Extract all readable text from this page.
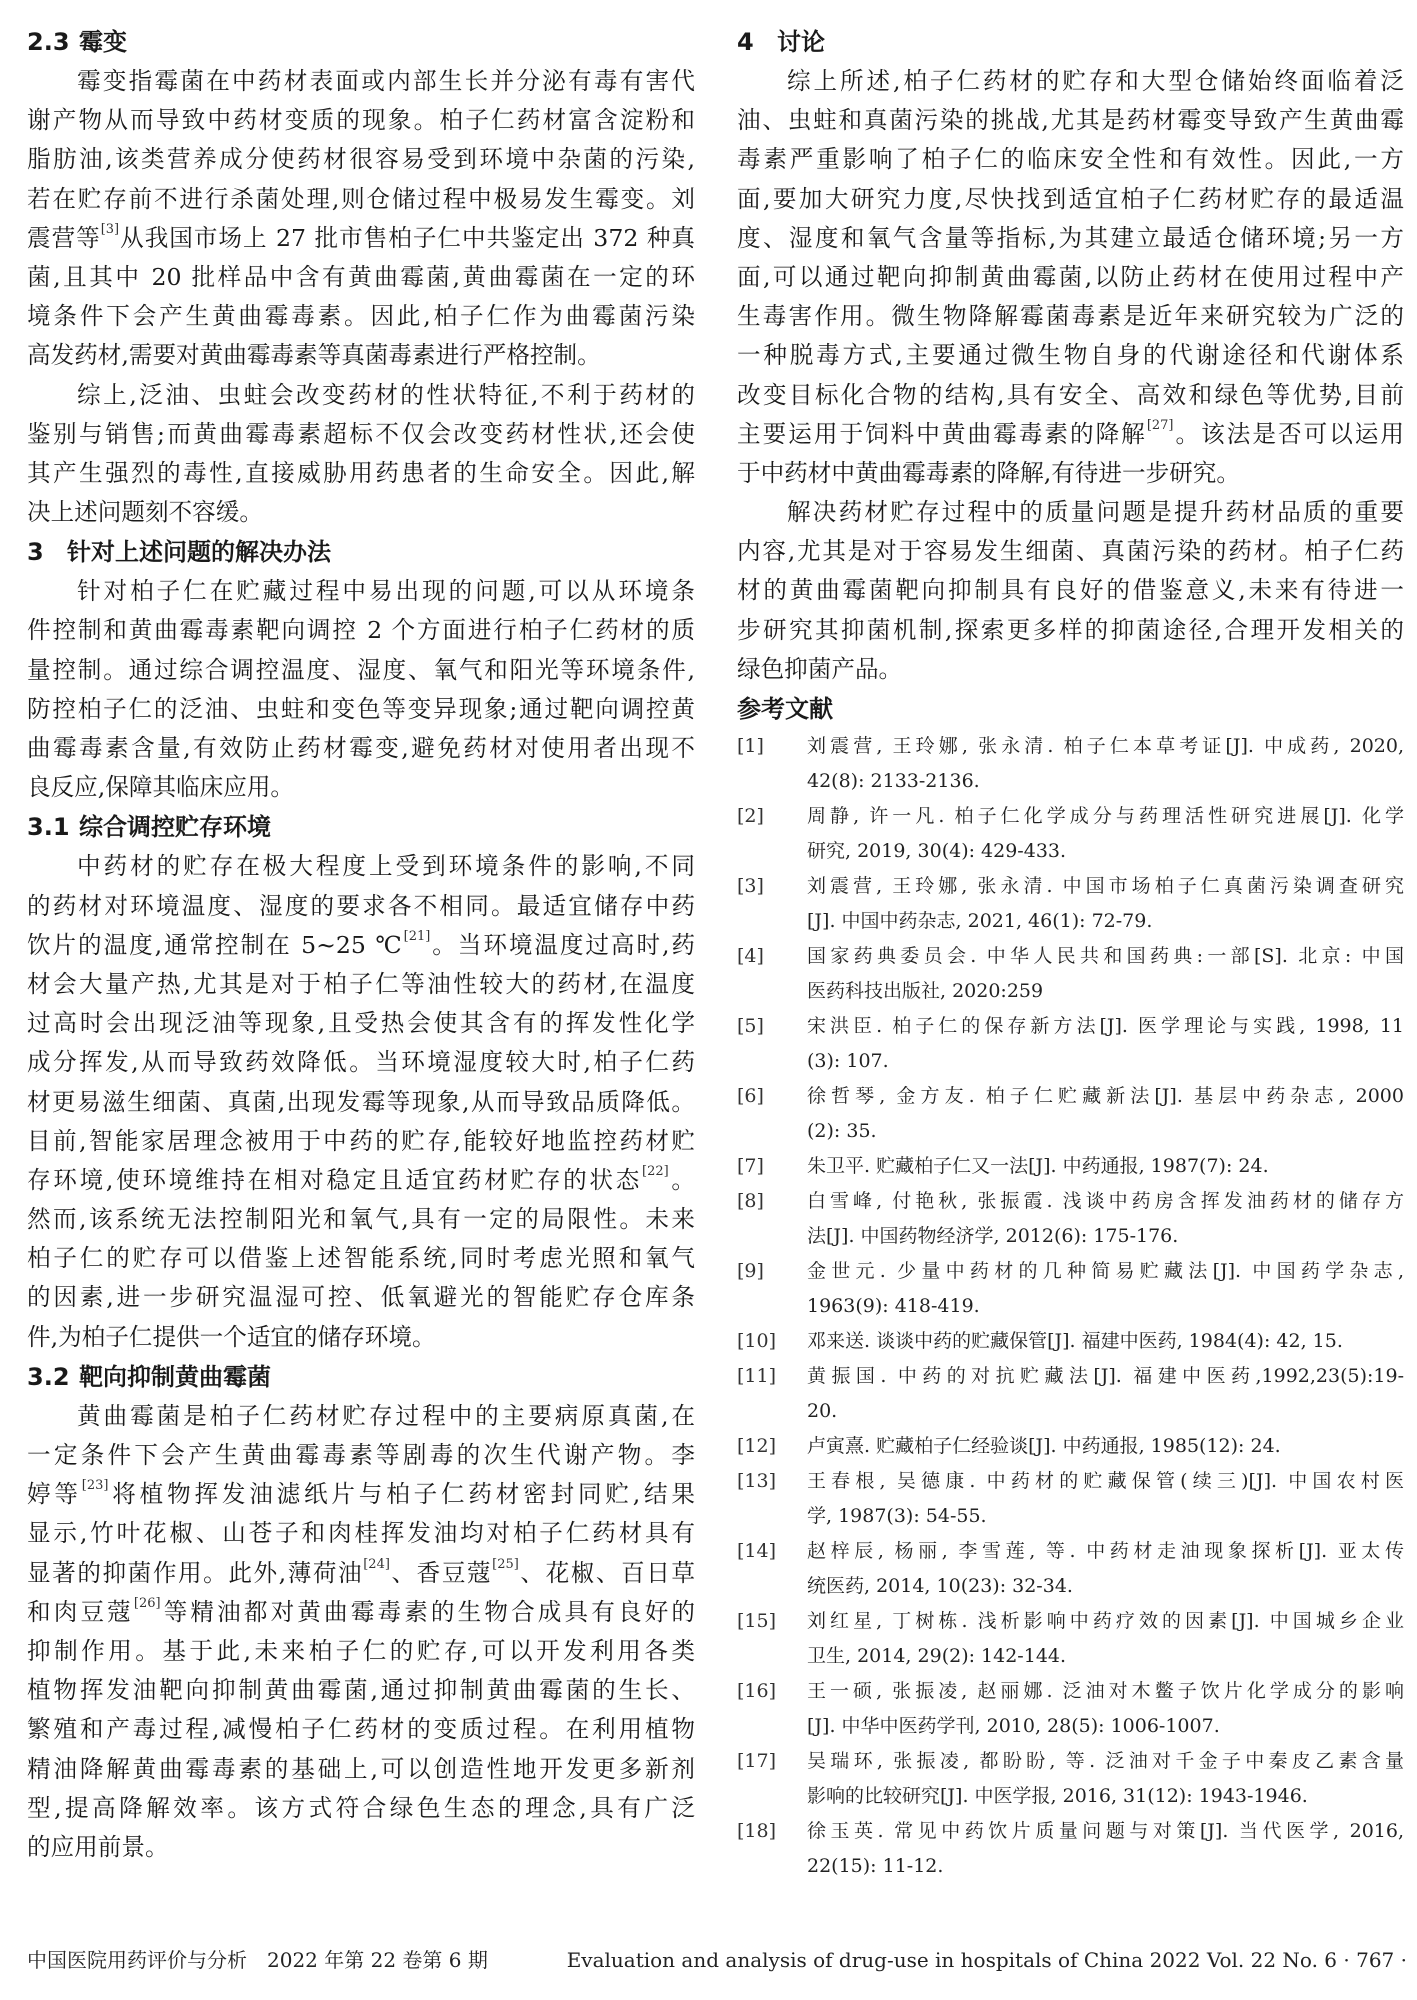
2.3 霉变
霉变指霉菌在中药材表面或内部生长并分泌有毒有害代
谢产物从而导致中药材变质的现象。柏子仁药材富含淀粉和
脂肪油,该类营养成分使药材很容易受到环境中杂菌的污染,
若在贮存前不进行杀菌处理,则仓储过程中极易发生霉变。刘
震营等[3]从我国市场上 27 批市售柏子仁中共鉴定出 372 种真
菌,且其中 20 批样品中含有黄曲霉菌,黄曲霉菌在一定的环
境条件下会产生黄曲霉毒素。因此,柏子仁作为曲霉菌污染
高发药材,需要对黄曲霉毒素等真菌毒素进行严格控制。
综上,泛油、虫蛀会改变药材的性状特征,不利于药材的
鉴别与销售;而黄曲霉毒素超标不仅会改变药材性状,还会使
其产生强烈的毒性,直接威胁用药患者的生命安全。因此,解
决上述问题刻不容缓。
3 针对上述问题的解决办法
针对柏子仁在贮藏过程中易出现的问题,可以从环境条
件控制和黄曲霉毒素靶向调控 2 个方面进行柏子仁药材的质
量控制。通过综合调控温度、湿度、氧气和阳光等环境条件,
防控柏子仁的泛油、虫蛀和变色等变异现象;通过靶向调控黄
曲霉毒素含量,有效防止药材霉变,避免药材对使用者出现不
良反应,保障其临床应用。
3.1 综合调控贮存环境
中药材的贮存在极大程度上受到环境条件的影响,不同
的药材对环境温度、湿度的要求各不相同。最适宜储存中药
饮片的温度,通常控制在 5~25 ℃[21]。当环境温度过高时,药
材会大量产热,尤其是对于柏子仁等油性较大的药材,在温度
过高时会出现泛油等现象,且受热会使其含有的挥发性化学
成分挥发,从而导致药效降低。当环境湿度较大时,柏子仁药
材更易滋生细菌、真菌,出现发霉等现象,从而导致品质降低。
目前,智能家居理念被用于中药的贮存,能较好地监控药材贮
存环境,使环境维持在相对稳定且适宜药材贮存的状态[22]。
然而,该系统无法控制阳光和氧气,具有一定的局限性。未来
柏子仁的贮存可以借鉴上述智能系统,同时考虑光照和氧气
的因素,进一步研究温湿可控、低氧避光的智能贮存仓库条
件,为柏子仁提供一个适宜的储存环境。
3.2 靶向抑制黄曲霉菌
黄曲霉菌是柏子仁药材贮存过程中的主要病原真菌,在
一定条件下会产生黄曲霉毒素等剧毒的次生代谢产物。李
婷等[23]将植物挥发油滤纸片与柏子仁药材密封同贮,结果
显示,竹叶花椒、山苍子和肉桂挥发油均对柏子仁药材具有
显著的抑菌作用。此外,薄荷油[24]、香豆蔻[25]、花椒、百日草
和肉豆蔻[26]等精油都对黄曲霉毒素的生物合成具有良好的
抑制作用。基于此,未来柏子仁的贮存,可以开发利用各类
植物挥发油靶向抑制黄曲霉菌,通过抑制黄曲霉菌的生长、
繁殖和产毒过程,减慢柏子仁药材的变质过程。在利用植物
精油降解黄曲霉毒素的基础上,可以创造性地开发更多新剂
型,提高降解效率。该方式符合绿色生态的理念,具有广泛
的应用前景。
4 讨论
综上所述,柏子仁药材的贮存和大型仓储始终面临着泛
油、虫蛀和真菌污染的挑战,尤其是药材霉变导致产生黄曲霉
毒素严重影响了柏子仁的临床安全性和有效性。因此,一方
面,要加大研究力度,尽快找到适宜柏子仁药材贮存的最适温
度、湿度和氧气含量等指标,为其建立最适仓储环境;另一方
面,可以通过靶向抑制黄曲霉菌,以防止药材在使用过程中产
生毒害作用。微生物降解霉菌毒素是近年来研究较为广泛的
一种脱毒方式,主要通过微生物自身的代谢途径和代谢体系
改变目标化合物的结构,具有安全、高效和绿色等优势,目前
主要运用于饲料中黄曲霉毒素的降解[27]。该法是否可以运用
于中药材中黄曲霉毒素的降解,有待进一步研究。
解决药材贮存过程中的质量问题是提升药材品质的重要
内容,尤其是对于容易发生细菌、真菌污染的药材。柏子仁药
材的黄曲霉菌靶向抑制具有良好的借鉴意义,未来有待进一
步研究其抑菌机制,探索更多样的抑菌途径,合理开发相关的
绿色抑菌产品。
参考文献
[1] 刘震营, 王玲娜, 张永清. 柏子仁本草考证[J]. 中成药, 2020,
42(8): 2133-2136.
[2] 周静, 许一凡. 柏子仁化学成分与药理活性研究进展[J]. 化学
研究, 2019, 30(4): 429-433.
[3] 刘震营, 王玲娜, 张永清. 中国市场柏子仁真菌污染调查研究
[J]. 中国中药杂志, 2021, 46(1): 72-79.
[4] 国家药典委员会. 中华人民共和国药典:一部[S]. 北京: 中国
医药科技出版社, 2020:259
[5] 宋洪臣. 柏子仁的保存新方法[J]. 医学理论与实践, 1998, 11
(3): 107.
[6] 徐哲琴, 金方友. 柏子仁贮藏新法[J]. 基层中药杂志, 2000
(2): 35.
[7] 朱卫平. 贮藏柏子仁又一法[J]. 中药通报, 1987(7): 24.
[8] 白雪峰, 付艳秋, 张振霞. 浅谈中药房含挥发油药材的储存方
法[J]. 中国药物经济学, 2012(6): 175-176.
[9] 金世元. 少量中药材的几种简易贮藏法[J]. 中国药学杂志,
1963(9): 418-419.
[10] 邓来送. 谈谈中药的贮藏保管[J]. 福建中医药, 1984(4): 42, 15.
[11] 黄振国. 中药的对抗贮藏法[J]. 福建中医药,1992,23(5):19-
20.
[12] 卢寅熹. 贮藏柏子仁经验谈[J]. 中药通报, 1985(12): 24.
[13] 王春根, 吴德康. 中药材的贮藏保管(续三)[J]. 中国农村医
学, 1987(3): 54-55.
[14] 赵梓辰, 杨丽, 李雪莲, 等. 中药材走油现象探析[J]. 亚太传
统医药, 2014, 10(23): 32-34.
[15] 刘红星, 丁树栋. 浅析影响中药疗效的因素[J]. 中国城乡企业
卫生, 2014, 29(2): 142-144.
[16] 王一硕, 张振凌, 赵丽娜. 泛油对木鳖子饮片化学成分的影响
[J]. 中华中医药学刊, 2010, 28(5): 1006-1007.
[17] 吴瑞环, 张振凌, 都盼盼, 等. 泛油对千金子中秦皮乙素含量
影响的比较研究[J]. 中医学报, 2016, 31(12): 1943-1946.
[18] 徐玉英. 常见中药饮片质量问题与对策[J]. 当代医学, 2016,
22(15): 11-12.
中国医院用药评价与分析　2022 年第 22 卷第 6 期	Evaluation and analysis of drug-use in hospitals of China 2022 Vol. 22 No. 6 · 767 ·
